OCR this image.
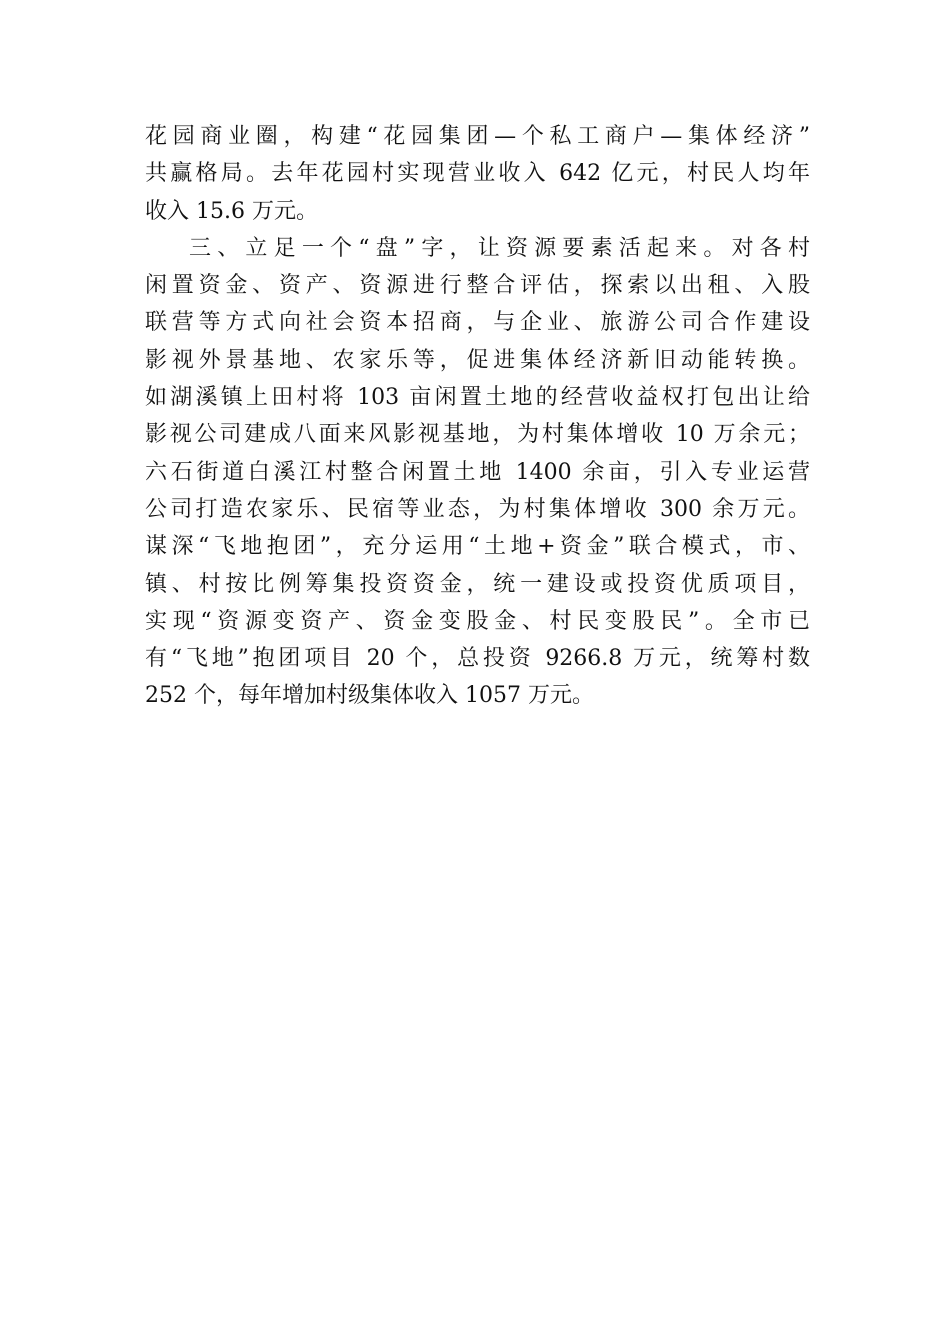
花园商业圈，构建“花园集团—个私工商户—集体经济”
共赢格局。去年花园村实现营业收入 642 亿元，村民人均年
收入 15.6 万元。
三、立足一个“盘”字，让资源要素活起来。对各村
闲置资金、资产、资源进行整合评估，探索以出租、入股
联营等方式向社会资本招商，与企业、旅游公司合作建设
影视外景基地、农家乐等，促进集体经济新旧动能转换。
如湖溪镇上田村将 103 亩闲置土地的经营收益权打包出让给
影视公司建成八面来风影视基地，为村集体增收 10 万余元；
六石街道白溪江村整合闲置土地 1400 余亩，引入专业运营
公司打造农家乐、民宿等业态，为村集体增收 300 余万元。
谋深“飞地抱团”，充分运用“土地+资金”联合模式，市、
镇、村按比例筹集投资资金，统一建设或投资优质项目，
实现“资源变资产、资金变股金、村民变股民”。全市已
有“飞地”抱团项目 20 个，总投资 9266.8 万元，统筹村数
252 个，每年增加村级集体收入 1057 万元。
